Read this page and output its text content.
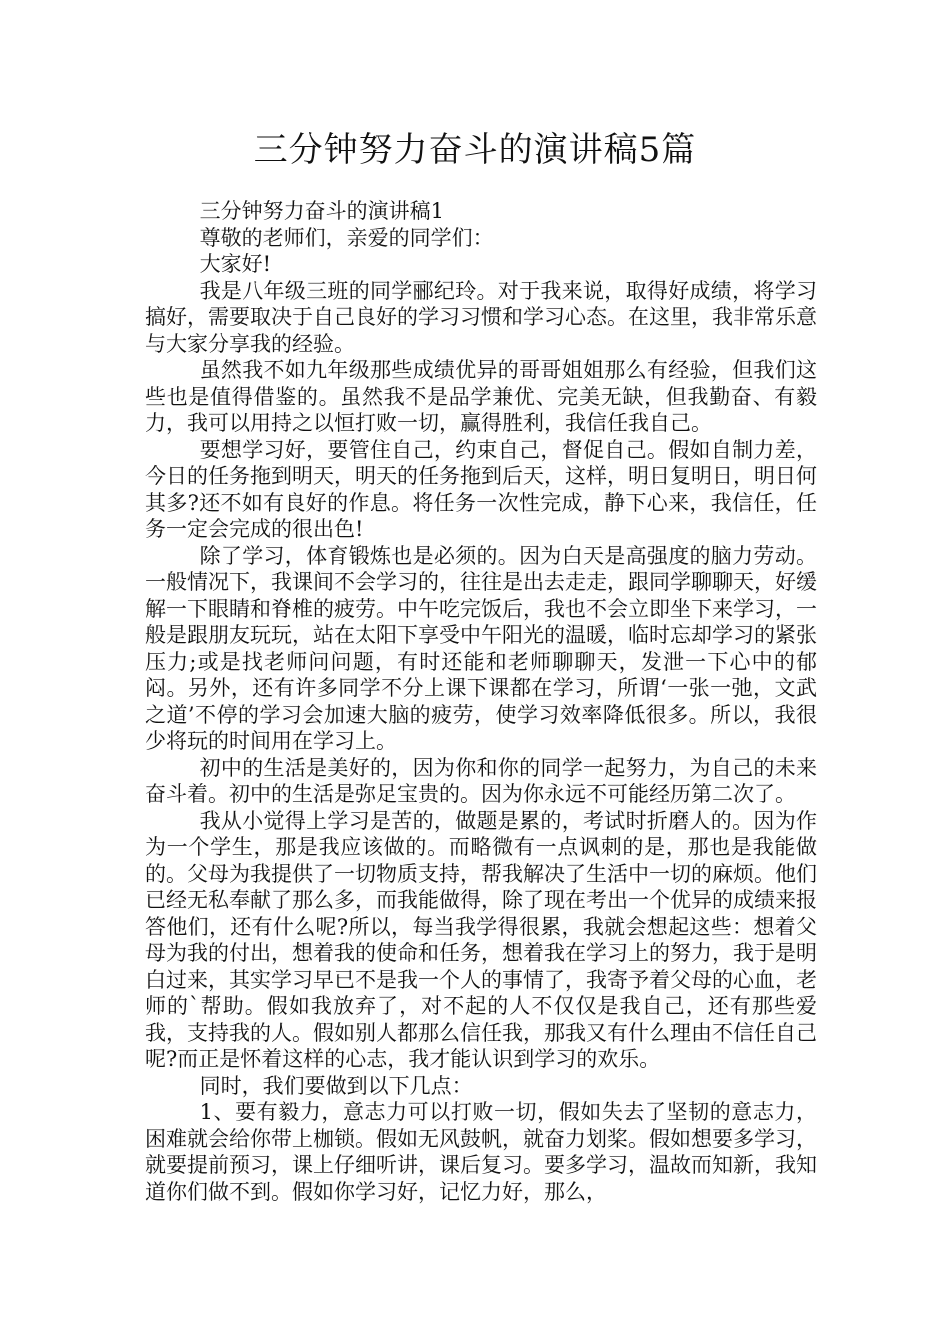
三分钟努力奋斗的演讲稿5篇

三分钟努力奋斗的演讲稿1

尊敬的老师们，亲爱的同学们：

大家好!

我是八年级三班的同学郦纪玲。对于我来说，取得好成绩，将学习搞好，需要取决于自己良好的学习习惯和学习心态。在这里，我非常乐意与大家分享我的经验。

虽然我不如九年级那些成绩优异的哥哥姐姐那么有经验，但我们这些也是值得借鉴的。虽然我不是品学兼优、完美无缺，但我勤奋、有毅力，我可以用持之以恒打败一切，赢得胜利，我信任我自己。

要想学习好，要管住自己，约束自己，督促自己。假如自制力差，今日的任务拖到明天，明天的任务拖到后天，这样，明日复明日，明日何其多?还不如有良好的作息。将任务一次性完成，静下心来，我信任，任务一定会完成的很出色!

除了学习，体育锻炼也是必须的。因为白天是高强度的脑力劳动。一般情况下，我课间不会学习的，往往是出去走走，跟同学聊聊天，好缓解一下眼睛和脊椎的疲劳。中午吃完饭后，我也不会立即坐下来学习，一般是跟朋友玩玩，站在太阳下享受中午阳光的温暖，临时忘却学习的紧张压力;或是找老师问问题，有时还能和老师聊聊天，发泄一下心中的郁闷。另外，还有许多同学不分上课下课都在学习，所谓‘一张一弛，文武之道’不停的学习会加速大脑的疲劳，使学习效率降低很多。所以，我很少将玩的时间用在学习上。

初中的生活是美好的，因为你和你的同学一起努力，为自己的未来奋斗着。初中的生活是弥足宝贵的。因为你永远不可能经历第二次了。

我从小觉得上学习是苦的，做题是累的，考试时折磨人的。因为作为一个学生，那是我应该做的。而略微有一点讽刺的是，那也是我能做的。父母为我提供了一切物质支持，帮我解决了生活中一切的麻烦。他们已经无私奉献了那么多，而我能做得，除了现在考出一个优异的成绩来报答他们，还有什么呢?所以，每当我学得很累，我就会想起这些：想着父母为我的付出，想着我的使命和任务，想着我在学习上的努力，我于是明白过来，其实学习早已不是我一个人的事情了，我寄予着父母的心血，老师的`帮助。假如我放弃了，对不起的人不仅仅是我自己，还有那些爱我，支持我的人。假如别人都那么信任我，那我又有什么理由不信任自己呢?而正是怀着这样的心志，我才能认识到学习的欢乐。

同时，我们要做到以下几点：

1、要有毅力，意志力可以打败一切，假如失去了坚韧的意志力，困难就会给你带上枷锁。假如无风鼓帆，就奋力划桨。假如想要多学习，就要提前预习，课上仔细听讲，课后复习。要多学习，温故而知新，我知道你们做不到。假如你学习好，记忆力好，那么，
